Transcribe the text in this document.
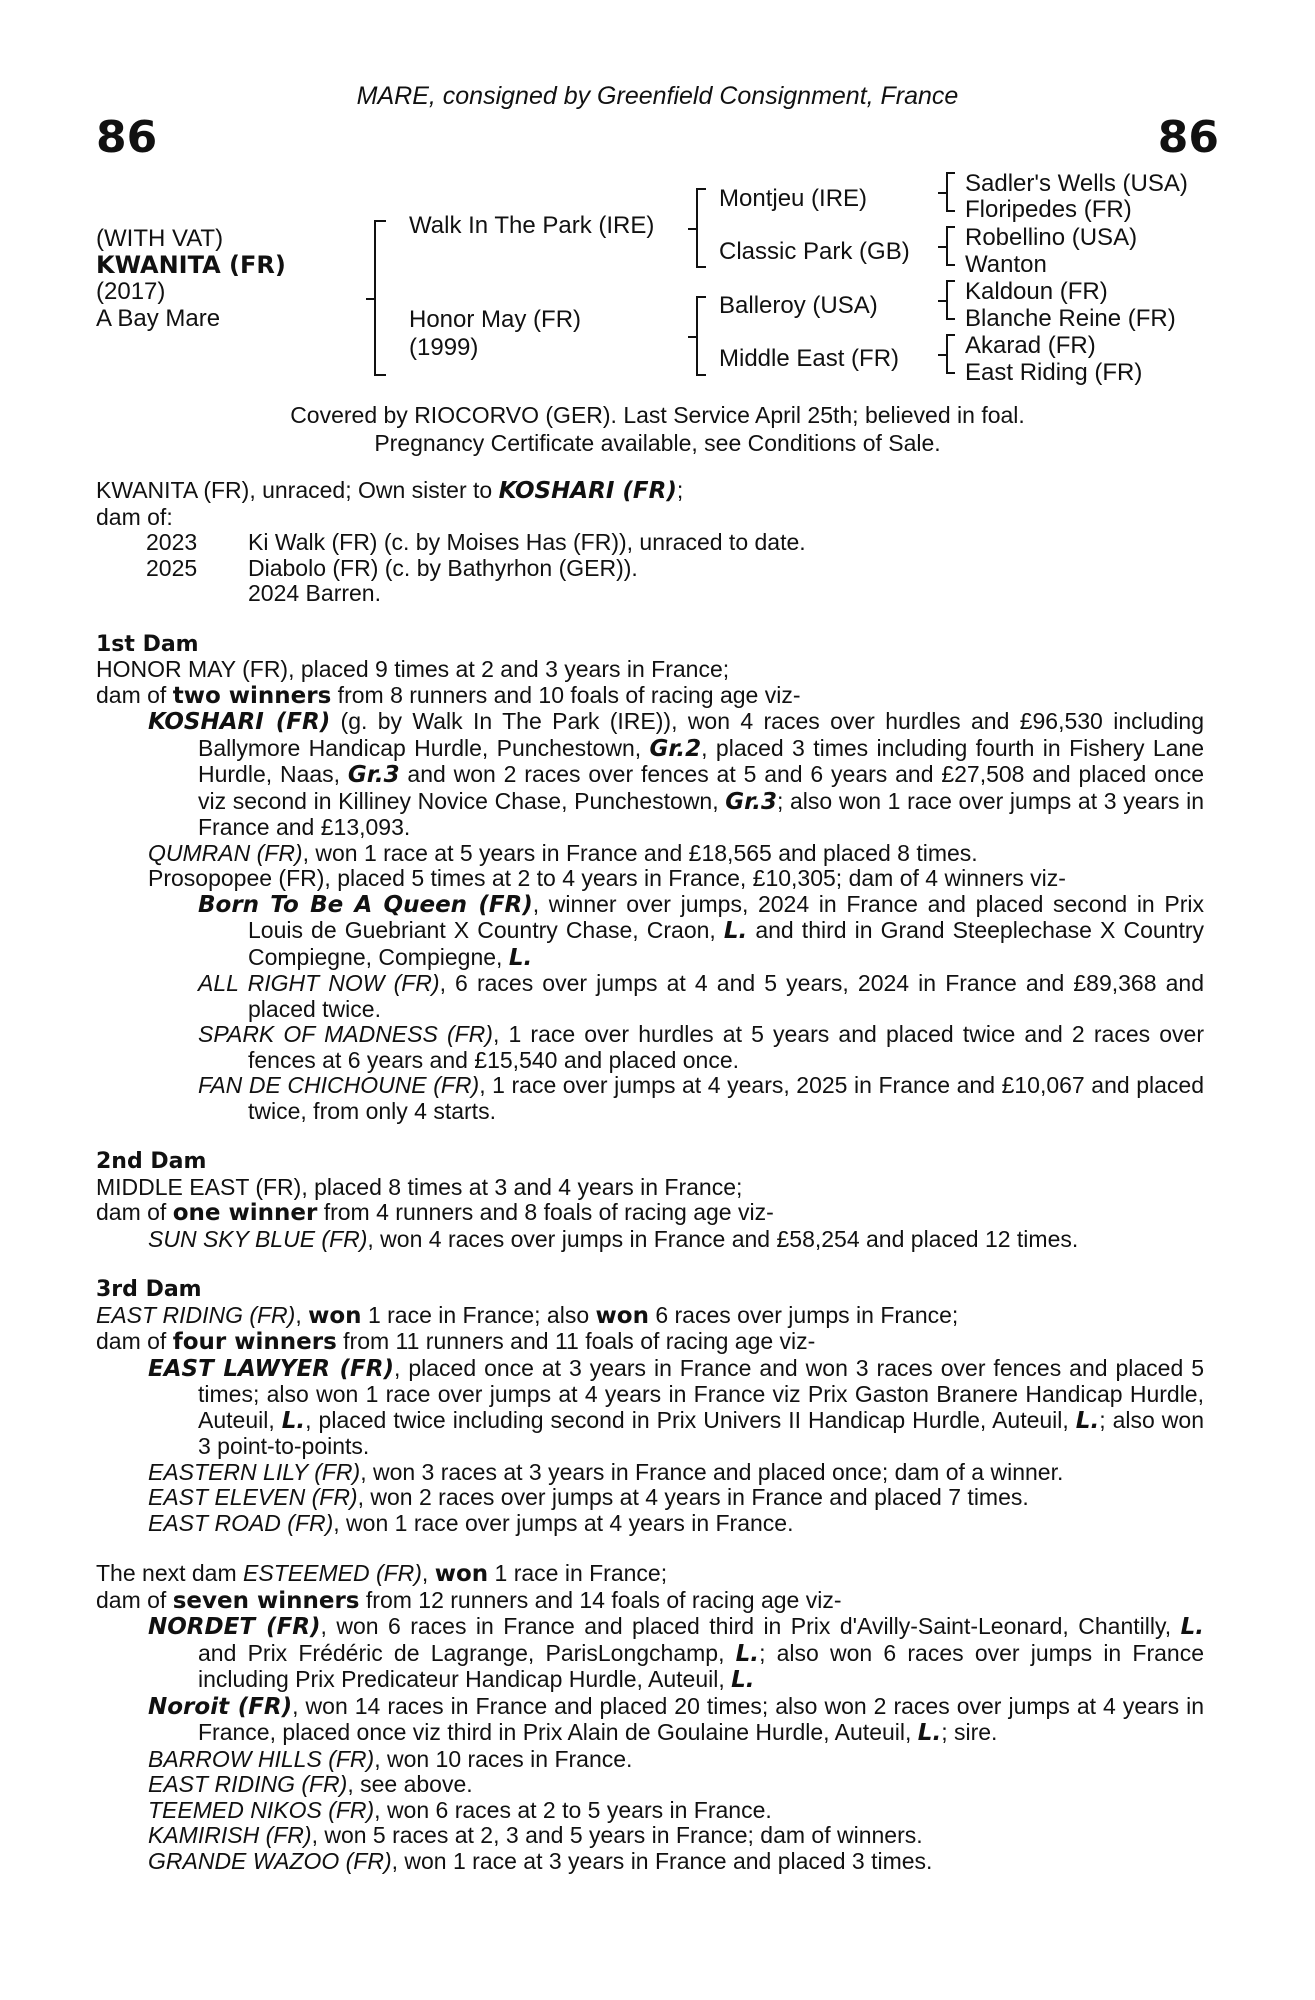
MARE, consigned by Greenfield Consignment, France
86	86
(WITH VAT)
KWANITA (FR)
(2017)
A Bay Mare
Walk In The Park (IRE)
Honor May (FR)
(1999)
Montjeu (IRE)
Classic Park (GB)
Balleroy (USA)
Middle East (FR)
Sadler's Wells (USA)
Floripedes (FR)
Robellino (USA)
Wanton
Kaldoun (FR)
Blanche Reine (FR)
Akarad (FR)
East Riding (FR)
Covered by RIOCORVO (GER). Last Service April 25th; believed in foal.
Pregnancy Certificate available, see Conditions of Sale.

KWANITA (FR), unraced; Own sister to KOSHARI (FR);

dam of:

2023	Ki Walk (FR) (c. by Moises Has (FR)), unraced to date.
2025	Diabolo (FR) (c. by Bathyrhon (GER)).
2024 Barren.

1st Dam

HONOR MAY (FR), placed 9 times at 2 and 3 years in France;

dam of two winners from 8 runners and 10 foals of racing age viz-

KOSHARI (FR) (g. by Walk In The Park (IRE)), won 4 races over hurdles and £96,530 including Ballymore Handicap Hurdle, Punchestown, Gr.2, placed 3 times including fourth in Fishery Lane Hurdle, Naas, Gr.3 and won 2 races over fences at 5 and 6 years and £27,508 and placed once viz second in Killiney Novice Chase, Punchestown, Gr.3; also won 1 race over jumps at 3 years in France and £13,093.

QUMRAN (FR), won 1 race at 5 years in France and £18,565 and placed 8 times.

Prosopopee (FR), placed 5 times at 2 to 4 years in France, £10,305; dam of 4 winners viz-

Born To Be A Queen (FR), winner over jumps, 2024 in France and placed second in Prix Louis de Guebriant X Country Chase, Craon, L. and third in Grand Steeplechase X Country Compiegne, Compiegne, L.

ALL RIGHT NOW (FR), 6 races over jumps at 4 and 5 years, 2024 in France and £89,368 and placed twice.

SPARK OF MADNESS (FR), 1 race over hurdles at 5 years and placed twice and 2 races over fences at 6 years and £15,540 and placed once.

FAN DE CHICHOUNE (FR), 1 race over jumps at 4 years, 2025 in France and £10,067 and placed twice, from only 4 starts.

2nd Dam

MIDDLE EAST (FR), placed 8 times at 3 and 4 years in France;

dam of one winner from 4 runners and 8 foals of racing age viz-

SUN SKY BLUE (FR), won 4 races over jumps in France and £58,254 and placed 12 times.

3rd Dam

EAST RIDING (FR), won 1 race in France; also won 6 races over jumps in France;

dam of four winners from 11 runners and 11 foals of racing age viz-

EAST LAWYER (FR), placed once at 3 years in France and won 3 races over fences and placed 5 times; also won 1 race over jumps at 4 years in France viz Prix Gaston Branere Handicap Hurdle, Auteuil, L., placed twice including second in Prix Univers II Handicap Hurdle, Auteuil, L.; also won 3 point-to-points.

EASTERN LILY (FR), won 3 races at 3 years in France and placed once; dam of a winner.

EAST ELEVEN (FR), won 2 races over jumps at 4 years in France and placed 7 times.

EAST ROAD (FR), won 1 race over jumps at 4 years in France.

The next dam ESTEEMED (FR), won 1 race in France;

dam of seven winners from 12 runners and 14 foals of racing age viz-

NORDET (FR), won 6 races in France and placed third in Prix d'Avilly-Saint-Leonard, Chantilly, L. and Prix Frédéric de Lagrange, ParisLongchamp, L.; also won 6 races over jumps in France including Prix Predicateur Handicap Hurdle, Auteuil, L.

Noroit (FR), won 14 races in France and placed 20 times; also won 2 races over jumps at 4 years in France, placed once viz third in Prix Alain de Goulaine Hurdle, Auteuil, L.; sire.

BARROW HILLS (FR), won 10 races in France.

EAST RIDING (FR), see above.

TEEMED NIKOS (FR), won 6 races at 2 to 5 years in France.

KAMIRISH (FR), won 5 races at 2, 3 and 5 years in France; dam of winners.

GRANDE WAZOO (FR), won 1 race at 3 years in France and placed 3 times.
